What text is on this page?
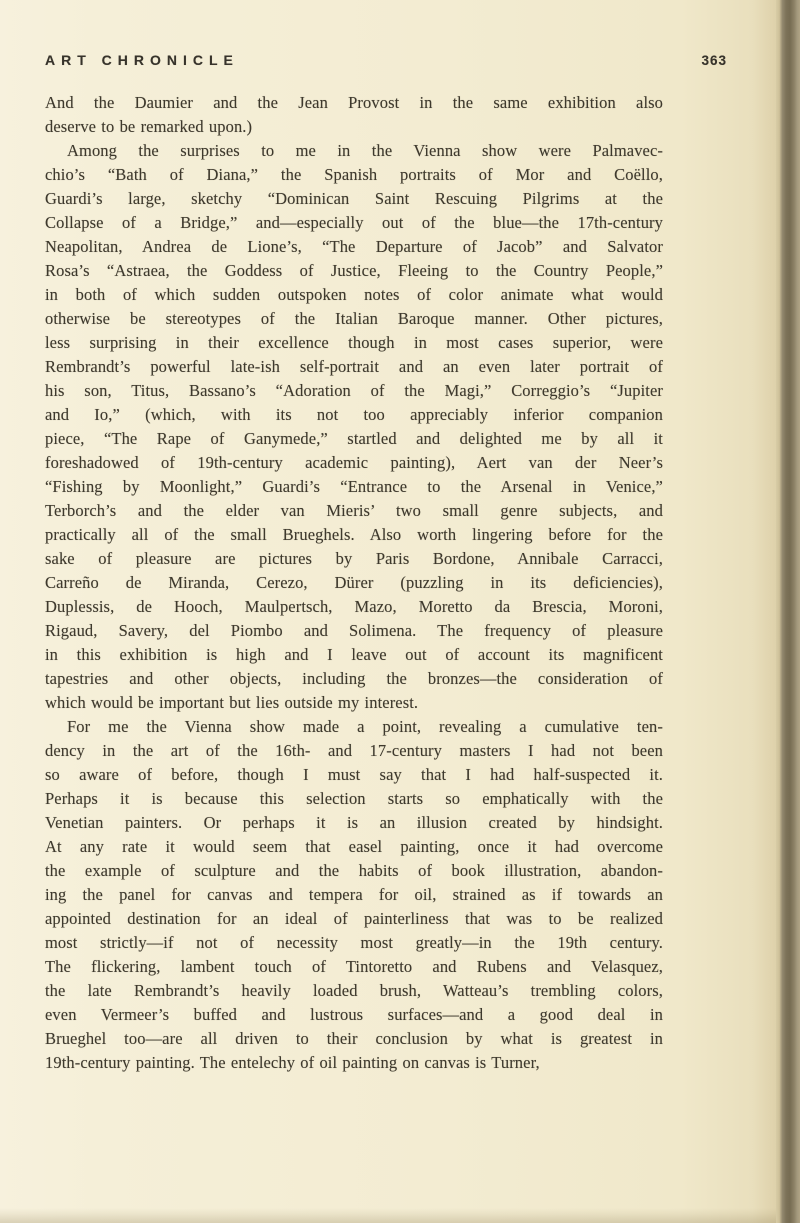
ART CHRONICLE	363
And the Daumier and the Jean Provost in the same exhibition also
deserve to be remarked upon.)
Among the surprises to me in the Vienna show were Palmavec-
chio’s “Bath of Diana,” the Spanish portraits of Mor and Coëllo,
Guardi’s large, sketchy “Dominican Saint Rescuing Pilgrims at the
Collapse of a Bridge,” and—especially out of the blue—the 17th-century
Neapolitan, Andrea de Lione’s, “The Departure of Jacob” and Salvator
Rosa’s “Astraea, the Goddess of Justice, Fleeing to the Country People,”
in both of which sudden outspoken notes of color animate what would
otherwise be stereotypes of the Italian Baroque manner. Other pictures,
less surprising in their excellence though in most cases superior, were
Rembrandt’s powerful late-ish self-portrait and an even later portrait of
his son, Titus, Bassano’s “Adoration of the Magi,” Correggio’s “Jupiter
and Io,” (which, with its not too appreciably inferior companion
piece, “The Rape of Ganymede,” startled and delighted me by all it
foreshadowed of 19th-century academic painting), Aert van der Neer’s
“Fishing by Moonlight,” Guardi’s “Entrance to the Arsenal in Venice,”
Terborch’s and the elder van Mieris’ two small genre subjects, and
practically all of the small Brueghels. Also worth lingering before for the
sake of pleasure are pictures by Paris Bordone, Annibale Carracci,
Carreño de Miranda, Cerezo, Dürer (puzzling in its deficiencies),
Duplessis, de Hooch, Maulpertsch, Mazo, Moretto da Brescia, Moroni,
Rigaud, Savery, del Piombo and Solimena. The frequency of pleasure
in this exhibition is high and I leave out of account its magnificent
tapestries and other objects, including the bronzes—the consideration of
which would be important but lies outside my interest.
For me the Vienna show made a point, revealing a cumulative ten-
dency in the art of the 16th- and 17-century masters I had not been
so aware of before, though I must say that I had half-suspected it.
Perhaps it is because this selection starts so emphatically with the
Venetian painters. Or perhaps it is an illusion created by hindsight.
At any rate it would seem that easel painting, once it had overcome
the example of sculpture and the habits of book illustration, abandon-
ing the panel for canvas and tempera for oil, strained as if towards an
appointed destination for an ideal of painterliness that was to be realized
most strictly—if not of necessity most greatly—in the 19th century.
The flickering, lambent touch of Tintoretto and Rubens and Velasquez,
the late Rembrandt’s heavily loaded brush, Watteau’s trembling colors,
even Vermeer’s buffed and lustrous surfaces—and a good deal in
Brueghel too—are all driven to their conclusion by what is greatest in
19th-century painting. The entelechy of oil painting on canvas is Turner,
